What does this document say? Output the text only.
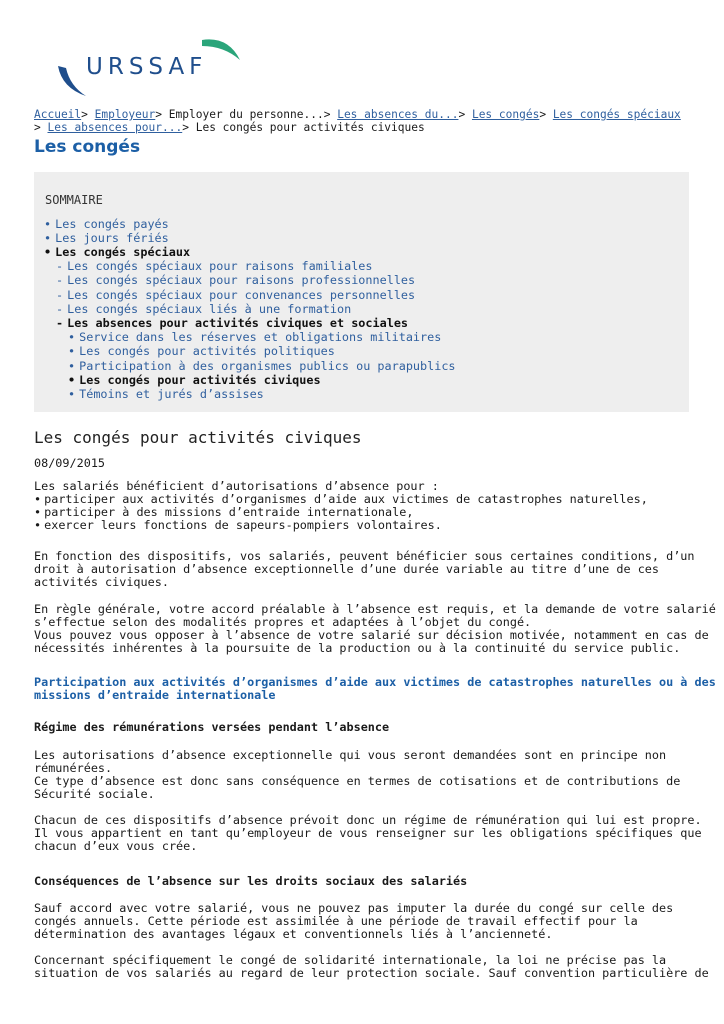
URSSAF
Accueil> Employeur> Employer du personne...> Les absences du...> Les congés> Les congés spéciaux
> Les absences pour...> Les congés pour activités civiques
Les congés
SOMMAIRE
• Les congés payés
• Les jours fériés
• Les congés spéciaux
- Les congés spéciaux pour raisons familiales
- Les congés spéciaux pour raisons professionnelles
- Les congés spéciaux pour convenances personnelles
- Les congés spéciaux liés à une formation
- Les absences pour activités civiques et sociales
• Service dans les réserves et obligations militaires
• Les congés pour activités politiques
• Participation à des organismes publics ou parapublics
• Les congés pour activités civiques
• Témoins et jurés d’assises
Les congés pour activités civiques
08/09/2015
Les salariés bénéficient d’autorisations d’absence pour :
• participer aux activités d’organismes d’aide aux victimes de catastrophes naturelles,
• participer à des missions d’entraide internationale,
• exercer leurs fonctions de sapeurs-pompiers volontaires.
En fonction des dispositifs, vos salariés, peuvent bénéficier sous certaines conditions, d’un
droit à autorisation d’absence exceptionnelle d’une durée variable au titre d’une de ces
activités civiques.
En règle générale, votre accord préalable à l’absence est requis, et la demande de votre salarié
s’effectue selon des modalités propres et adaptées à l’objet du congé.
Vous pouvez vous opposer à l’absence de votre salarié sur décision motivée, notamment en cas de
nécessités inhérentes à la poursuite de la production ou à la continuité du service public.
Participation aux activités d’organismes d’aide aux victimes de catastrophes naturelles ou à des
missions d’entraide internationale
Régime des rémunérations versées pendant l’absence
Les autorisations d’absence exceptionnelle qui vous seront demandées sont en principe non
rémunérées.
Ce type d’absence est donc sans conséquence en termes de cotisations et de contributions de
Sécurité sociale.
Chacun de ces dispositifs d’absence prévoit donc un régime de rémunération qui lui est propre.
Il vous appartient en tant qu’employeur de vous renseigner sur les obligations spécifiques que
chacun d’eux vous crée.
Conséquences de l’absence sur les droits sociaux des salariés
Sauf accord avec votre salarié, vous ne pouvez pas imputer la durée du congé sur celle des
congés annuels. Cette période est assimilée à une période de travail effectif pour la
détermination des avantages légaux et conventionnels liés à l’ancienneté.
Concernant spécifiquement le congé de solidarité internationale, la loi ne précise pas la
situation de vos salariés au regard de leur protection sociale. Sauf convention particulière de
